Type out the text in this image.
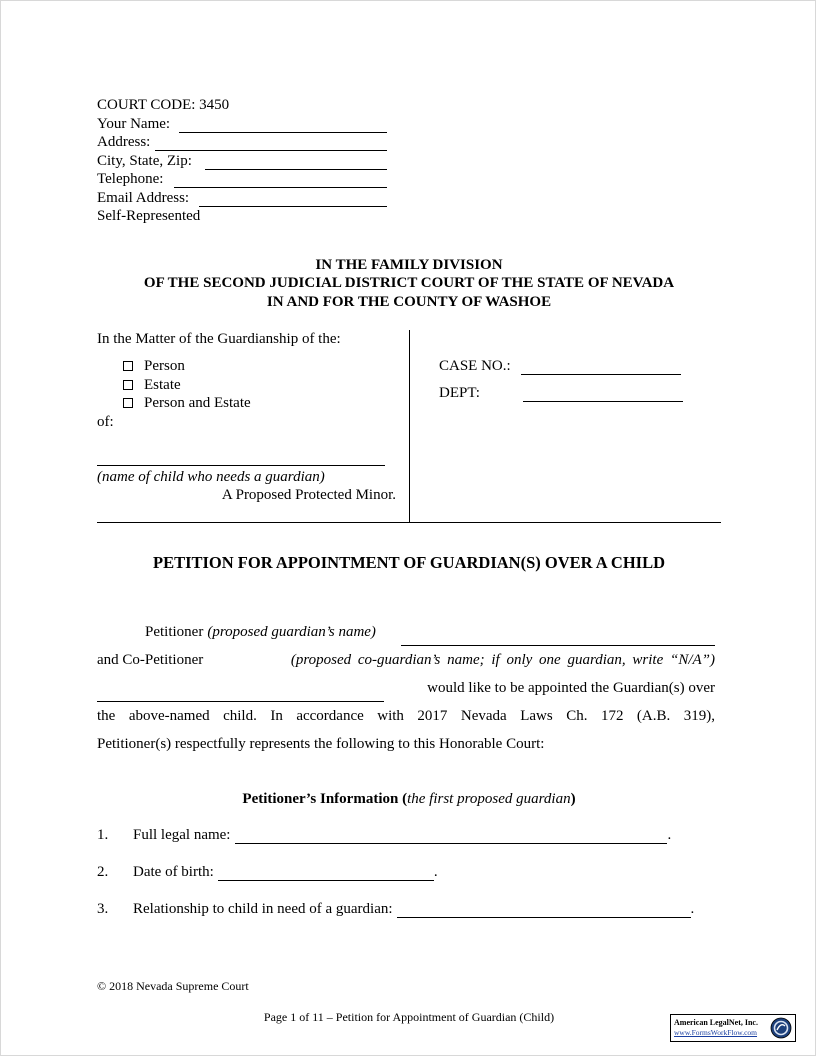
COURT CODE: 3450
Your Name:
Address:
City, State, Zip:
Telephone:
Email Address:
Self-Represented
IN THE FAMILY DIVISION
OF THE SECOND JUDICIAL DISTRICT COURT OF THE STATE OF NEVADA
IN AND FOR THE COUNTY OF WASHOE
In the Matter of the Guardianship of the:
Person
Estate
Person and Estate
of:
(name of child who needs a guardian)
A Proposed Protected Minor.
CASE NO.:
DEPT:
PETITION FOR APPOINTMENT OF GUARDIAN(S) OVER A CHILD
Petitioner (proposed guardian’s name)
and Co-Petitioner	(proposed co-guardian’s name; if only one guardian, write “N/A”)
would like to be appointed the Guardian(s) over
the above-named child. In accordance with 2017 Nevada Laws Ch. 172 (A.B. 319),
Petitioner(s) respectfully represents the following to this Honorable Court:
Petitioner’s Information (the first proposed guardian)
1.	Full legal name:	.
2.	Date of birth:	.
3.	Relationship to child in need of a guardian:	.
© 2018 Nevada Supreme Court
Page 1 of 11 – Petition for Appointment of Guardian (Child)	American LegalNet, Inc.
www.FormsWorkFlow.com
